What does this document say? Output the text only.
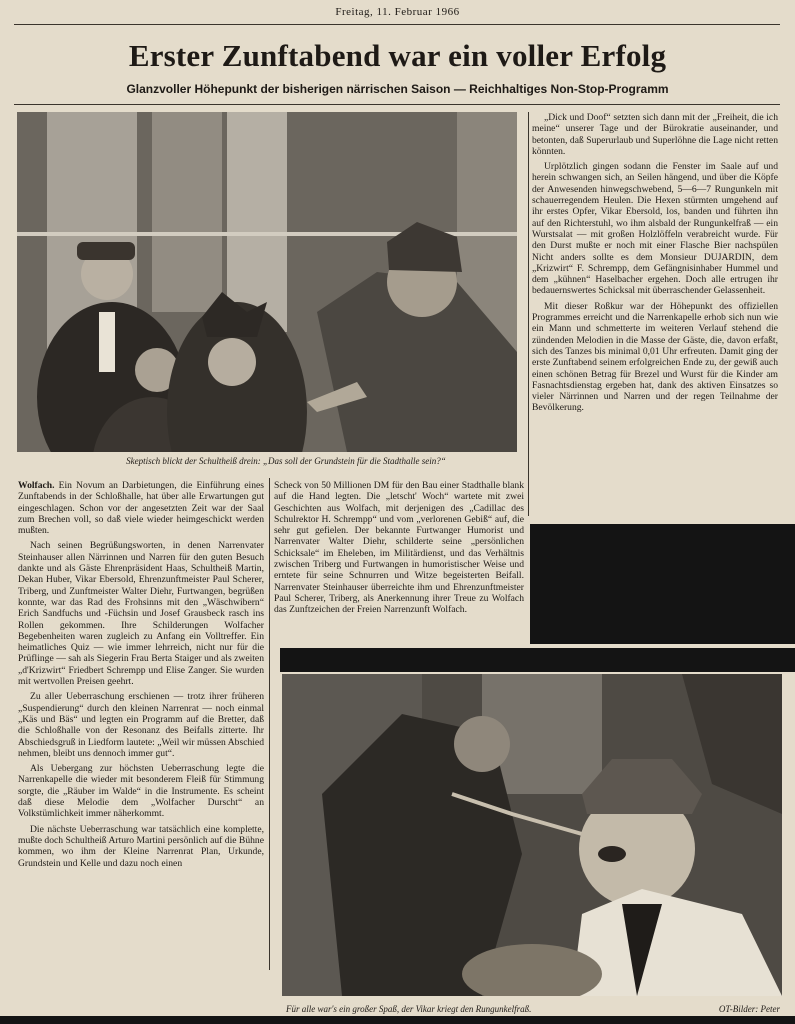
Freitag, 11. Februar 1966
Erster Zunftabend war ein voller Erfolg
Glanzvoller Höhepunkt der bisherigen närrischen Saison — Reichhaltiges Non-Stop-Programm
Skeptisch blickt der Schultheiß drein: „Das soll der Grundstein für die Stadthalle sein?“
Für alle war's ein großer Spaß, der Vikar kriegt den Rungunkelfraß.	OT-Bilder: Peter

Wolfach. Ein Novum an Darbietungen, die Einführung eines Zunftabends in der Schloßhalle, hat über alle Erwartungen gut eingeschlagen. Schon vor der angesetzten Zeit war der Saal zum Brechen voll, so daß viele wieder heimgeschickt werden mußten.

Nach seinen Begrüßungsworten, in denen Narrenvater Steinhauser allen Närrinnen und Narren für den guten Besuch dankte und als Gäste Ehrenpräsident Haas, Schultheiß Martin, Dekan Huber, Vikar Ebersold, Ehrenzunftmeister Paul Scherer, Triberg, und Zunftmeister Walter Diehr, Furtwangen, begrüßen konnte, war das Rad des Frohsinns mit den „Wäschwibern“ Erich Sandfuchs und -Füchsin und Josef Grausbeck rasch ins Rollen gekommen. Ihre Schilderungen Wolfacher Begebenheiten waren zugleich zu Anfang ein Volltreffer. Ein heimatliches Quiz — wie immer lehrreich, nicht nur für die Prüflinge — sah als Siegerin Frau Berta Staiger und als zweiten „d'Krizwirt“ Friedbert Schrempp und Elise Zanger. Sie wurden mit wertvollen Preisen geehrt.

Zu aller Ueberraschung erschienen — trotz ihrer früheren „Suspendierung“ durch den kleinen Narrenrat — noch einmal „Käs und Bäs“ und legten ein Programm auf die Bretter, daß die Schloßhalle von der Resonanz des Beifalls zitterte. Ihr Abschiedsgruß in Liedform lautete: „Weil wir müssen Abschied nehmen, bleibt uns dennoch immer gut“.

Als Uebergang zur höchsten Ueberraschung legte die Narrenkapelle die wieder mit besonderem Fleiß für Stimmung sorgte, die „Räuber im Walde“ in die Instrumente. Es scheint daß diese Melodie dem „Wolfacher Durscht“ an Volkstümlichkeit immer näherkommt.

Die nächste Ueberraschung war tatsächlich eine komplette, mußte doch Schultheiß Arturo Martini persönlich auf die Bühne kommen, wo ihm der Kleine Narrenrat Plan, Urkunde, Grundstein und Kelle und dazu noch einen

Scheck von 50 Millionen DM für den Bau einer Stadthalle blank auf die Hand legten. Die „letscht' Woch“ wartete mit zwei Geschichten aus Wolfach, mit derjenigen des „Cadillac des Schulrektor H. Schrempp“ und vom „verlorenen Gebiß“ auf, die sehr gut gefielen. Der bekannte Furtwanger Humorist und Narrenvater Walter Diehr, schilderte seine „persönlichen Schicksale“ im Eheleben, im Militärdienst, und das Verhältnis zwischen Triberg und Furtwangen in humoristischer Weise und erntete für seine Schnurren und Witze begeisterten Beifall. Narrenvater Steinhauser überreichte ihm und Ehrenzunftmeister Paul Scherer, Triberg, als Anerkennung ihrer Treue zu Wolfach das Zunftzeichen der Freien Narrenzunft Wolfach.

„Dick und Doof“ setzten sich dann mit der „Freiheit, die ich meine“ unserer Tage und der Bürokratie auseinander, und betonten, daß Superurlaub und Superlöhne die Lage nicht retten könnten.

Urplötzlich gingen sodann die Fenster im Saale auf und herein schwangen sich, an Seilen hängend, und über die Köpfe der Anwesenden hinwegschwebend, 5—6—7 Rungunkeln mit schauerregendem Heulen. Die Hexen stürmten umgehend auf ihr erstes Opfer, Vikar Ebersold, los, banden und führten ihn auf den Richterstuhl, wo ihm alsbald der Rungunkelfraß — ein Wurstsalat — mit großen Holzlöffeln verabreicht wurde. Für den Durst mußte er noch mit einer Flasche Bier nachspülen Nicht anders sollte es dem Monsieur DUJARDIN, dem „Krizwirt“ F. Schrempp, dem Gefängnisinhaber Hummel und dem „kühnen“ Haselbacher ergehen. Doch alle ertrugen ihr bedauernswertes Schicksal mit überraschender Gelassenheit.

Mit dieser Roßkur war der Höhepunkt des offiziellen Programmes erreicht und die Narrenkapelle erhob sich nun wie ein Mann und schmetterte im weiteren Verlauf stehend die zündenden Melodien in die Masse der Gäste, die, davon erfaßt, sich des Tanzes bis minimal 0,01 Uhr erfreuten. Damit ging der erste Zunftabend seinem erfolgreichen Ende zu, der gewiß auch einen schönen Betrag für Brezel und Wurst für die Kinder am Fasnachtsdienstag ergeben hat, dank des aktiven Einsatzes so vieler Närrinnen und Narren und der regen Teilnahme der Bevölkerung.
